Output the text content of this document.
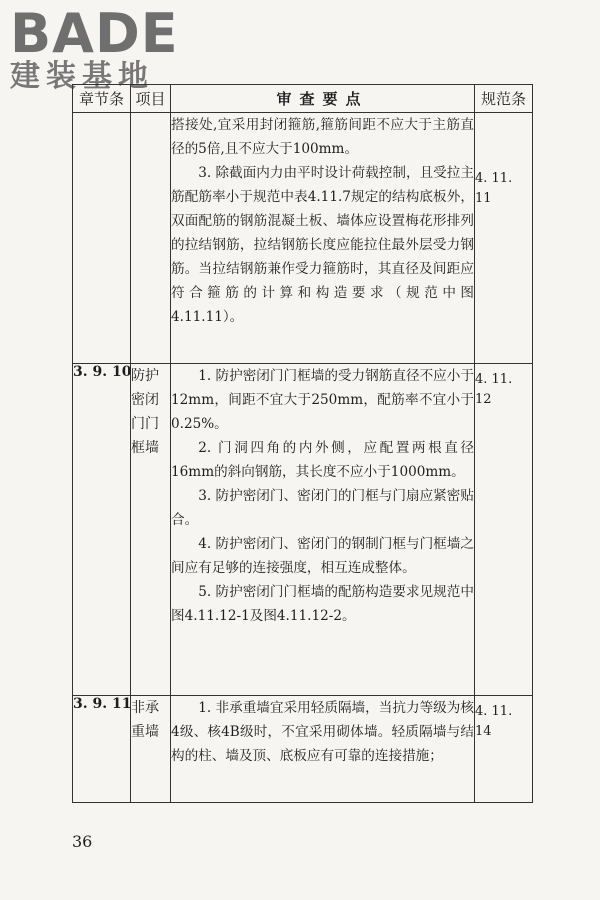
BADE
建装基地
章节条	项目	审查要点	规范条

		搭接处,宜采用封闭箍筋,箍筋间距不应大于主筋直径的5倍,且不应大于100mm。

3. 除截面内力由平时设计荷载控制，且受拉主筋配筋率小于规范中表4.11.7规定的结构底板外，双面配筋的钢筋混凝土板、墙体应设置梅花形排列的拉结钢筋，拉结钢筋长度应能拉住最外层受力钢筋。当拉结钢筋兼作受力箍筋时，其直径及间距应符合箍筋的计算和构造要求（规范中图4.11.11）。	4. 11. 11
3. 9. 10	防护密闭门门框墙	1. 防护密闭门门框墙的受力钢筋直径不应小于12mm，间距不宜大于250mm，配筋率不宜小于0.25%。

2. 门洞四角的内外侧，应配置两根直径16mm的斜向钢筋，其长度不应小于1000mm。

3. 防护密闭门、密闭门的门框与门扇应紧密贴合。

4. 防护密闭门、密闭门的钢制门框与门框墙之间应有足够的连接强度，相互连成整体。

5. 防护密闭门门框墙的配筋构造要求见规范中图4.11.12-1及图4.11.12-2。	4. 11. 12
3. 9. 11	非承重墙	1. 非承重墙宜采用轻质隔墙，当抗力等级为核4级、核4B级时，不宜采用砌体墙。轻质隔墙与结构的柱、墙及顶、底板应有可靠的连接措施；	4. 11. 14
36
